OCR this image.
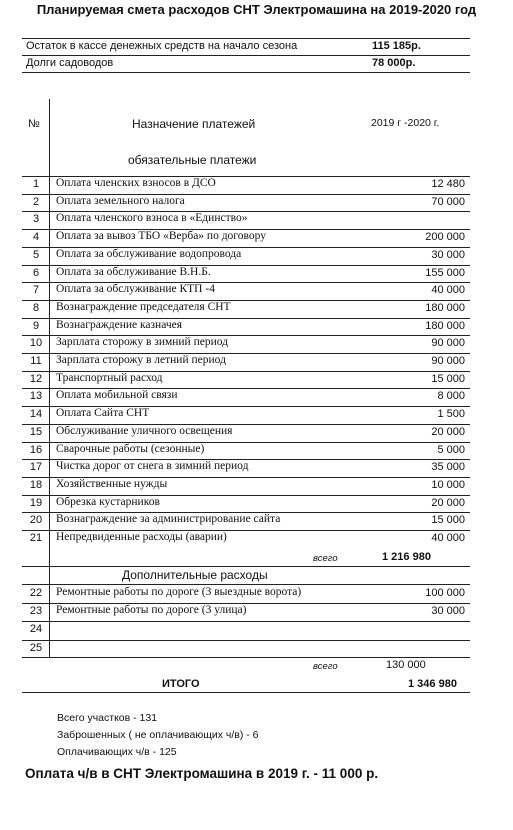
Планируемая смета расходов СНТ Электромашина на 2019-2020 год
Остаток в кассе денежных средств на начало сезона	115 185р.
Долги садоводов	78 000р.
№	Назначение платежей	2019 г -2020 г.
обязательные платежи
1	Оплата членских взносов в ДСО	12 480
2	Оплата земельного налога	70 000
3	Оплата членского взноса в «Единство»
4	Оплата за вывоз ТБО «Верба» по договору	200 000
5	Оплата за обслуживание водопровода	30 000
6	Оплата за обслуживание В.Н.Б.	155 000
7	Оплата за обслуживание КТП -4	40 000
8	Вознаграждение председателя СНТ	180 000
9	Вознаграждение казначея	180 000
10	Зарплата сторожу в зимний период	90 000
11	Зарплата сторожу в летний период	90 000
12	Транспортный расход	15 000
13	Оплата мобильной связи	8 000
14	Оплата Сайта СНТ	1 500
15	Обслуживание уличного освещения	20 000
16	Сварочные работы (сезонные)	5 000
17	Чистка дорог от снега в зимний период	35 000
18	Хозяйственные нужды	10 000
19	Обрезка кустарников	20 000
20	Вознаграждение за администрирование сайта	15 000
21	Непредвиденные расходы (аварии)	40 000
всего	1 216 980
Дополнительные расходы
22	Ремонтные работы по дороге (3 выездные ворота)	100 000
23	Ремонтные работы по дороге (3 улица)	30 000
24
25
всего	130 000
ИТОГО	1 346 980
Всего участков - 131
Заброшенных ( не оплачивающих ч/в) - 6
Оплачивающих ч/в - 125
Оплата ч/в в СНТ Электромашина в 2019 г. - 11 000 р.
